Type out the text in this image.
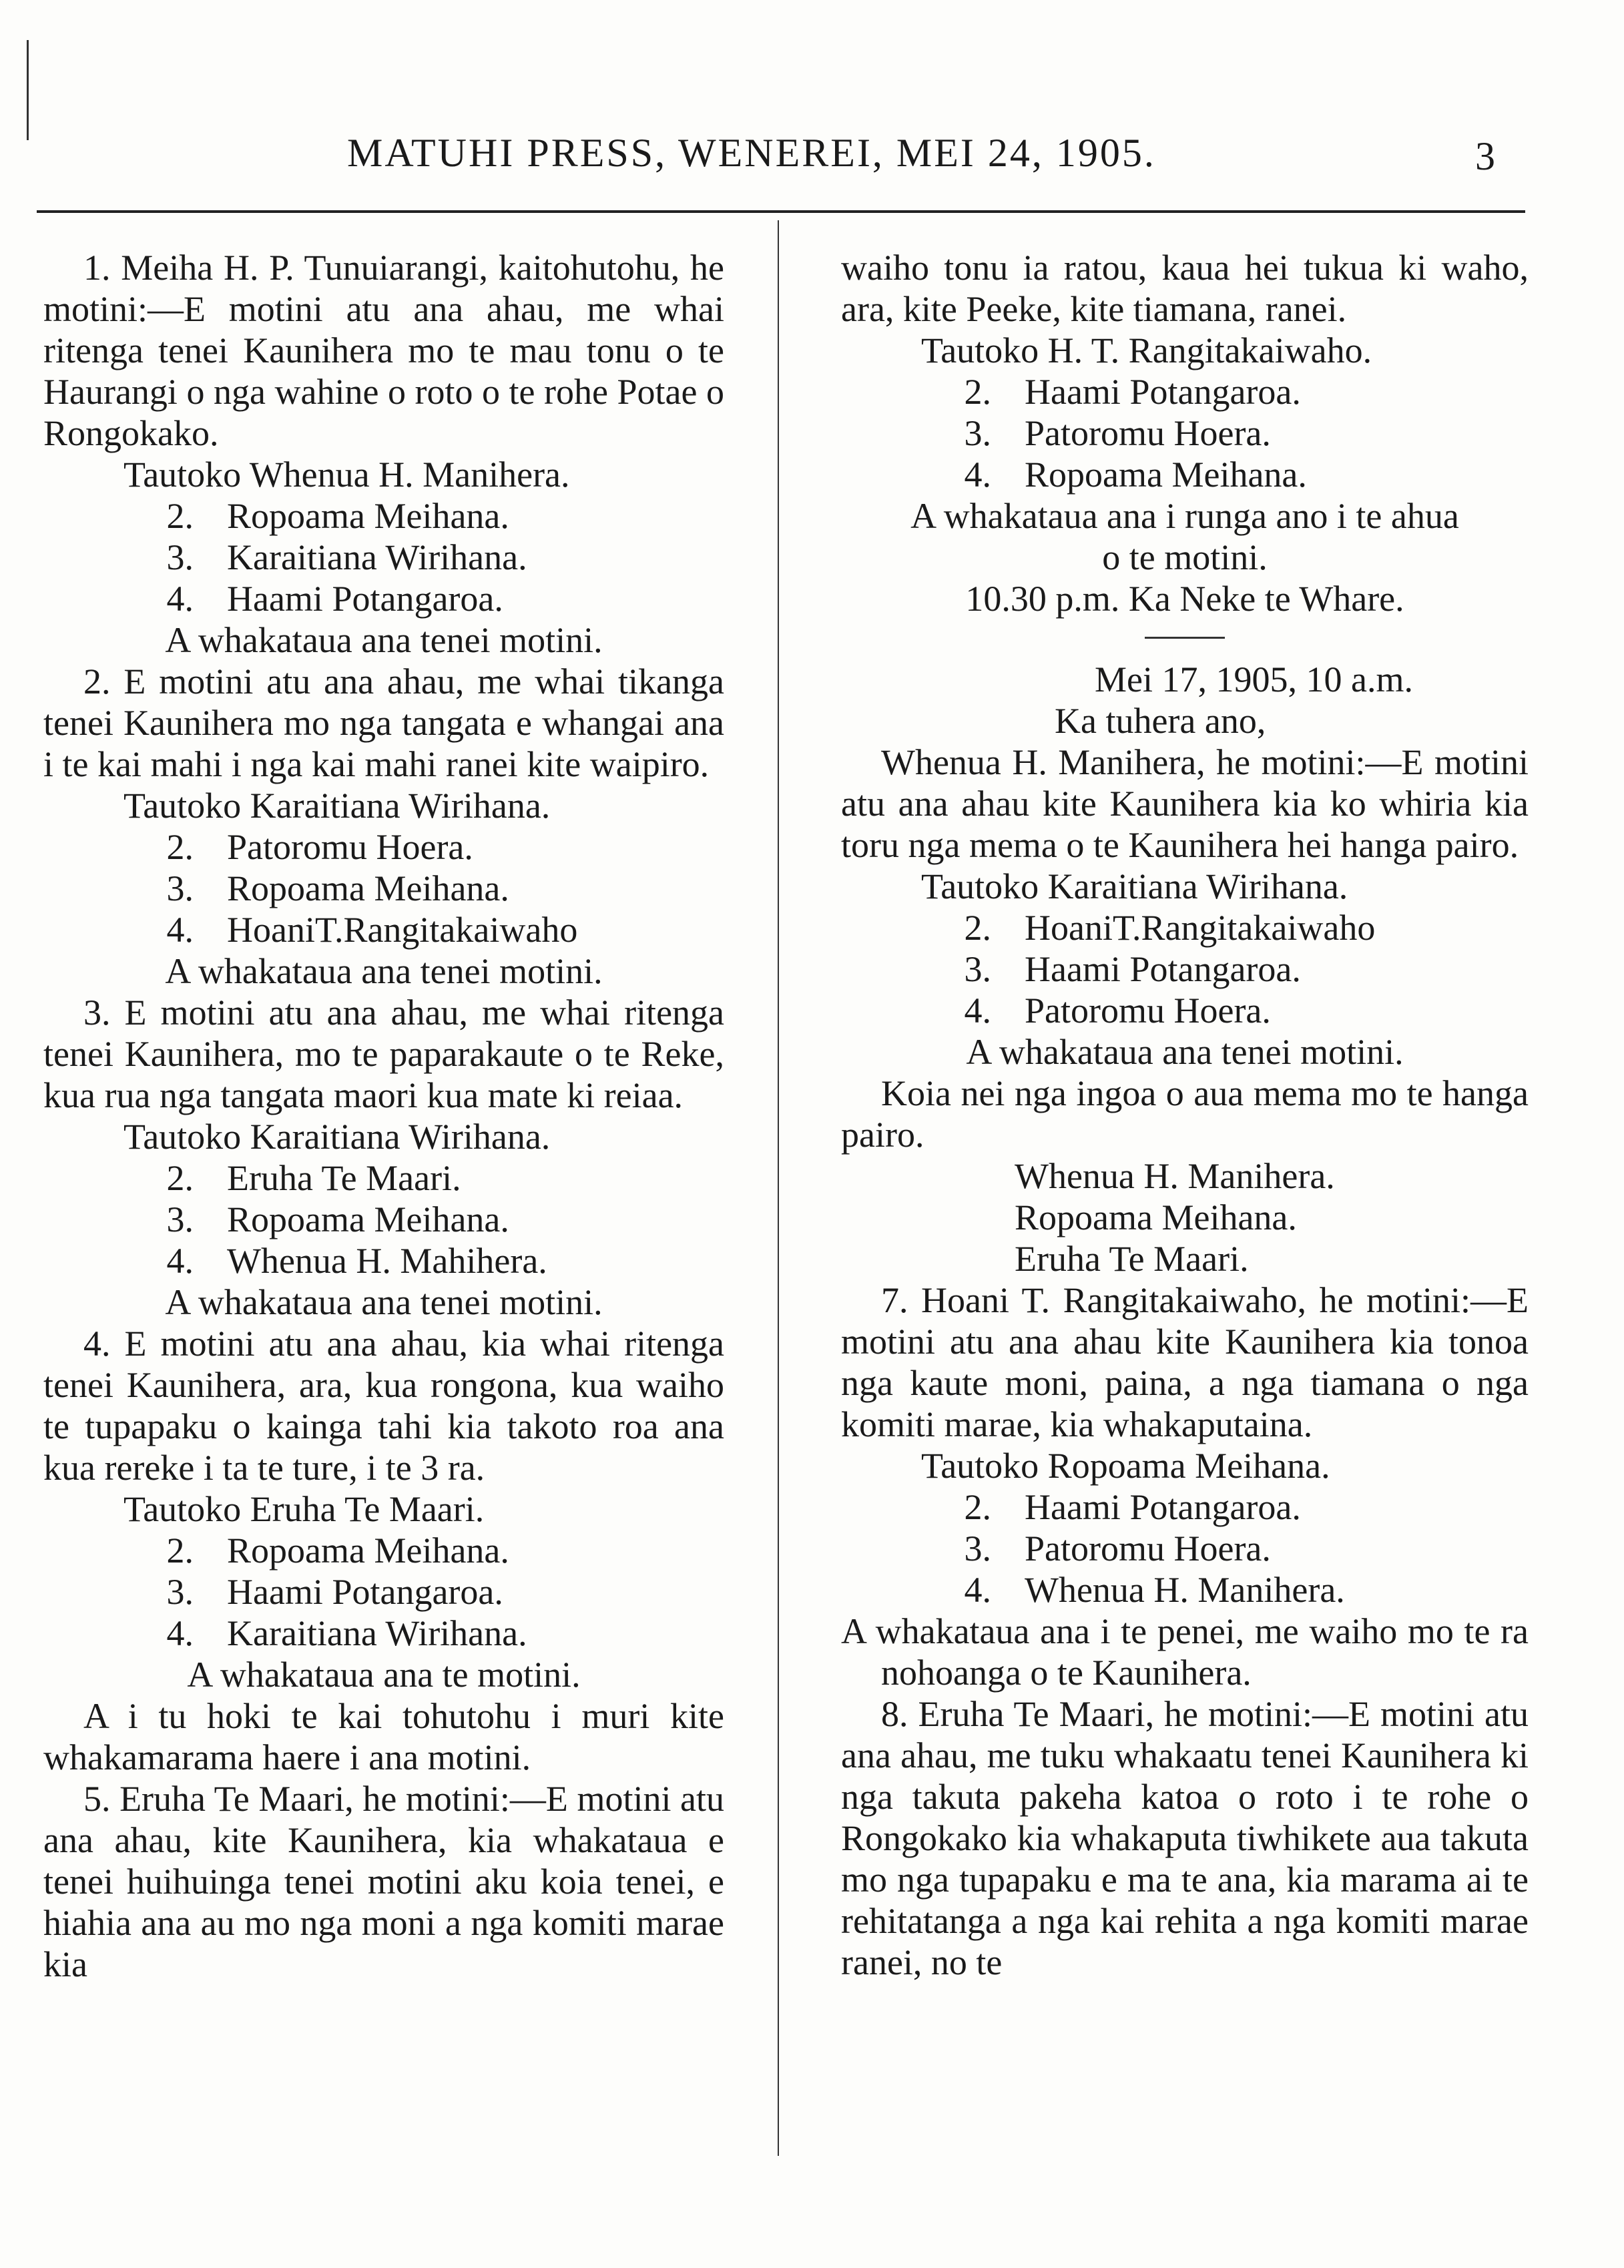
MATUHI PRESS, WENEREI, MEI 24, 1905.	3

1. Meiha H. P. Tunuiarangi, kaitohutohu, he motini:—E motini atu ana ahau, me whai ritenga tenei Kaunihera mo te mau tonu o te Haurangi o nga wahine o roto o te rohe Potae o Rongokako.

Tautoko Whenua H. Manihera.

2. Ropoama Meihana.
3. Karaitiana Wirihana.
4. Haami Potangaroa.

A whakataua ana tenei motini.

2. E motini atu ana ahau, me whai tikanga tenei Kaunihera mo nga tangata e whangai ana i te kai mahi i nga kai mahi ranei kite waipiro.

Tautoko Karaitiana Wirihana.

2. Patoromu Hoera.
3. Ropoama Meihana.
4. HoaniT.Rangitakaiwaho

A whakataua ana tenei motini.

3. E motini atu ana ahau, me whai ritenga tenei Kaunihera, mo te paparakaute o te Reke, kua rua nga tangata maori kua mate ki reiaa.

Tautoko Karaitiana Wirihana.

2. Eruha Te Maari.
3. Ropoama Meihana.
4. Whenua H. Mahihera.

A whakataua ana tenei motini.

4. E motini atu ana ahau, kia whai ritenga tenei Kaunihera, ara, kua rongona, kua waiho te tupapaku o kainga tahi kia takoto roa ana kua rereke i ta te ture, i te 3 ra.

Tautoko Eruha Te Maari.

2. Ropoama Meihana.
3. Haami Potangaroa.
4. Karaitiana Wirihana.

A whakataua ana te motini.

A i tu hoki te kai tohutohu i muri kite whakamarama haere i ana motini.

5. Eruha Te Maari, he motini:—E motini atu ana ahau, kite Kaunihera, kia whakataua e tenei huihuinga tenei motini aku koia tenei, e hiahia ana au mo nga moni a nga komiti marae kia

waiho tonu ia ratou, kaua hei tukua ki waho, ara, kite Peeke, kite tiamana, ranei.

Tautoko H. T. Rangitakaiwaho.

2. Haami Potangaroa.
3. Patoromu Hoera.
4. Ropoama Meihana.

A whakataua ana i runga ano i te ahua

o te motini.

10.30 p.m. Ka Neke te Whare.

Mei 17, 1905, 10 a.m.

Ka tuhera ano,

Whenua H. Manihera, he motini:—E motini atu ana ahau kite Kaunihera kia ko whiria kia toru nga mema o te Kaunihera hei hanga pairo.

Tautoko Karaitiana Wirihana.

2. HoaniT.Rangitakaiwaho
3. Haami Potangaroa.
4. Patoromu Hoera.

A whakataua ana tenei motini.

Koia nei nga ingoa o aua mema mo te hanga pairo.

Whenua H. Manihera.

Ropoama Meihana.

Eruha Te Maari.

7. Hoani T. Rangitakaiwaho, he motini:—E motini atu ana ahau kite Kaunihera kia tonoa nga kaute moni, paina, a nga tiamana o nga komiti marae, kia whakaputaina.

Tautoko Ropoama Meihana.

2. Haami Potangaroa.
3. Patoromu Hoera.
4. Whenua H. Manihera.

A whakataua ana i te penei, me waiho mo te ra nohoanga o te Kaunihera.

8. Eruha Te Maari, he motini:—E motini atu ana ahau, me tuku whakaatu tenei Kaunihera ki nga takuta pakeha katoa o roto i te rohe o Rongokako kia whakaputa tiwhikete aua takuta mo nga tupapaku e ma te ana, kia marama ai te rehitatanga a nga kai rehita a nga komiti marae ranei, no te
